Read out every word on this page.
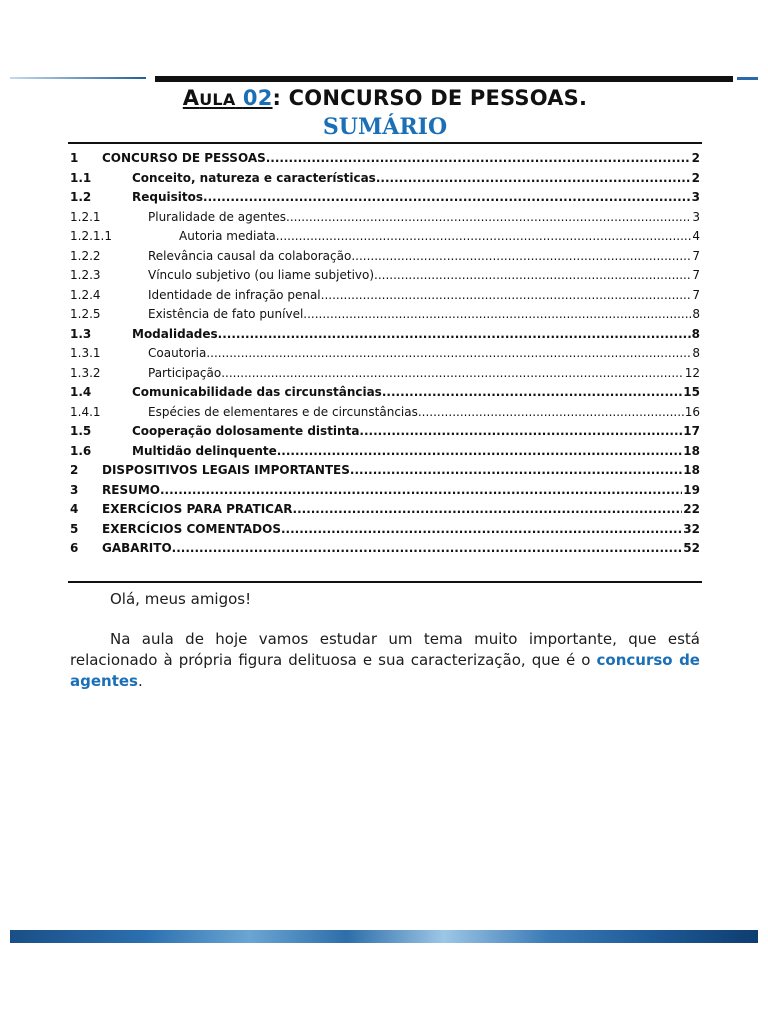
AULA 02: CONCURSO DE PESSOAS.
SUMÁRIO
1 CONCURSO DE PESSOAS .....	2
1.1	Conceito, natureza e características .....	2
1.2	Requisitos .....	3
1.2.1	Pluralidade de agentes .....	3
1.2.1.1	Autoria mediata .....	4
1.2.2	Relevância causal da colaboração .....	7
1.2.3	Vínculo subjetivo (ou liame subjetivo) .....	7
1.2.4	Identidade de infração penal .....	7
1.2.5	Existência de fato punível .....	8
1.3	Modalidades .....	8
1.3.1	Coautoria .....	8
1.3.2	Participação .....	12
1.4	Comunicabilidade das circunstâncias .....	15
1.4.1	Espécies de elementares e de circunstâncias .....	16
1.5	Cooperação dolosamente distinta .....	17
1.6	Multidão delinquente .....	18
2 DISPOSITIVOS LEGAIS IMPORTANTES .....	18
3 RESUMO .....	19
4 EXERCÍCIOS PARA PRATICAR .....	22
5 EXERCÍCIOS COMENTADOS .....	32
6 GABARITO .....	52
Olá, meus amigos!
Na aula de hoje vamos estudar um tema muito importante, que está relacionado à própria figura delituosa e sua caracterização, que é o concurso de agentes.
